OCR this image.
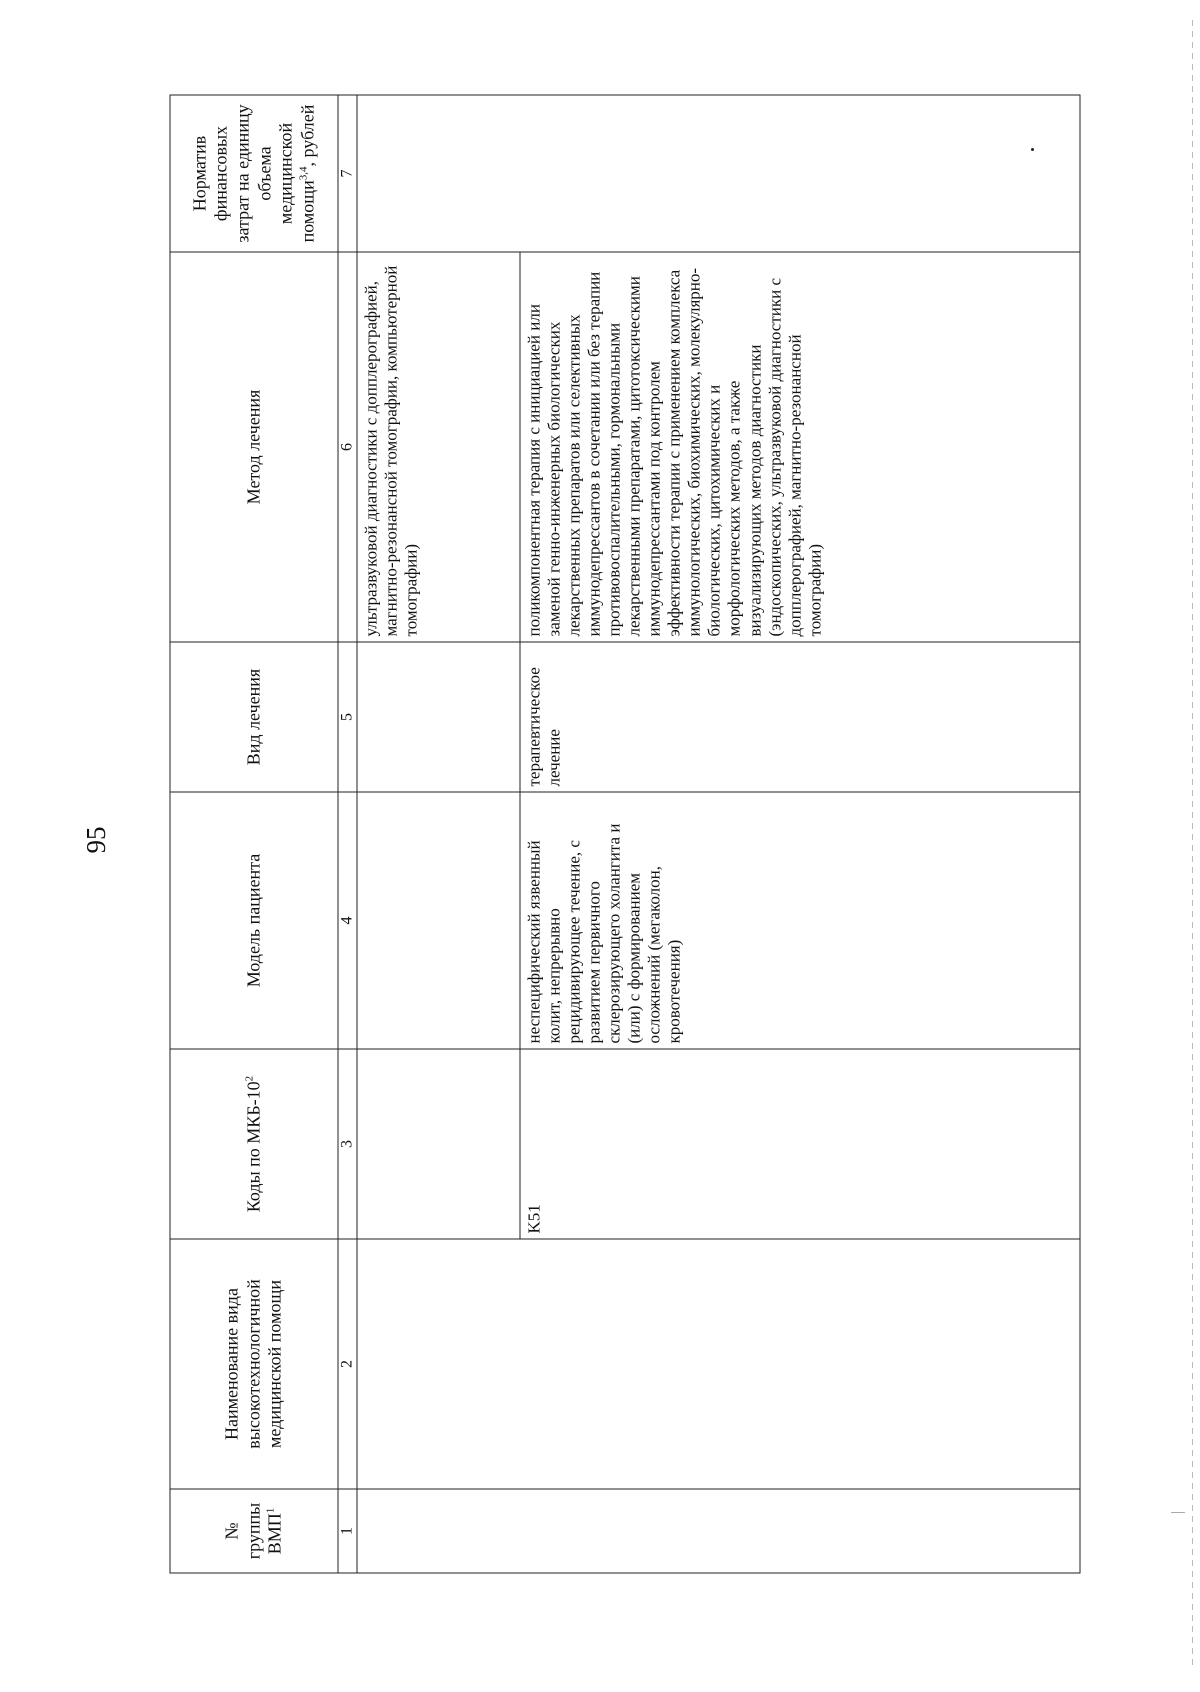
95
№ группы ВМП$^1$	Наименование вида высокотехнологичной медицинской помощи	Коды по МКБ-$10^2$	Модель пациента	Вид лечения	Метод лечения	Норматив финансовых затрат на единицу объема медицинской помощи$^{3,4}$, рублей
1	2	3	4	5	6	7
					ультразвуковой диагностики с допплерографией, магнитно-резонансной томографии, компьютерной томографии)	
		K51	неспецифический язвенный колит, непрерывно рецидивирующее течение, с развитием первичного склерозирующего холангита и (или) с формированием осложнений (мегаколон, кровотечения)	терапевтическое лечение	поликомпонентная терапия с инициацией или заменой генно-инженерных биологических лекарственных препаратов или селективных иммунодепрессантов в сочетании или без терапии противовоспалительными, гормональными лекарственными препаратами, цитотоксическими иммунодепрессантами под контролем эффективности терапии с применением комплекса иммунологических, биохимических, молекулярно-биологических, цитохимических и морфологических методов, а также визуализирующих методов диагностики (эндоскопических, ультразвуковой диагностики с допплерографией, магнитно-резонансной томографии)	
